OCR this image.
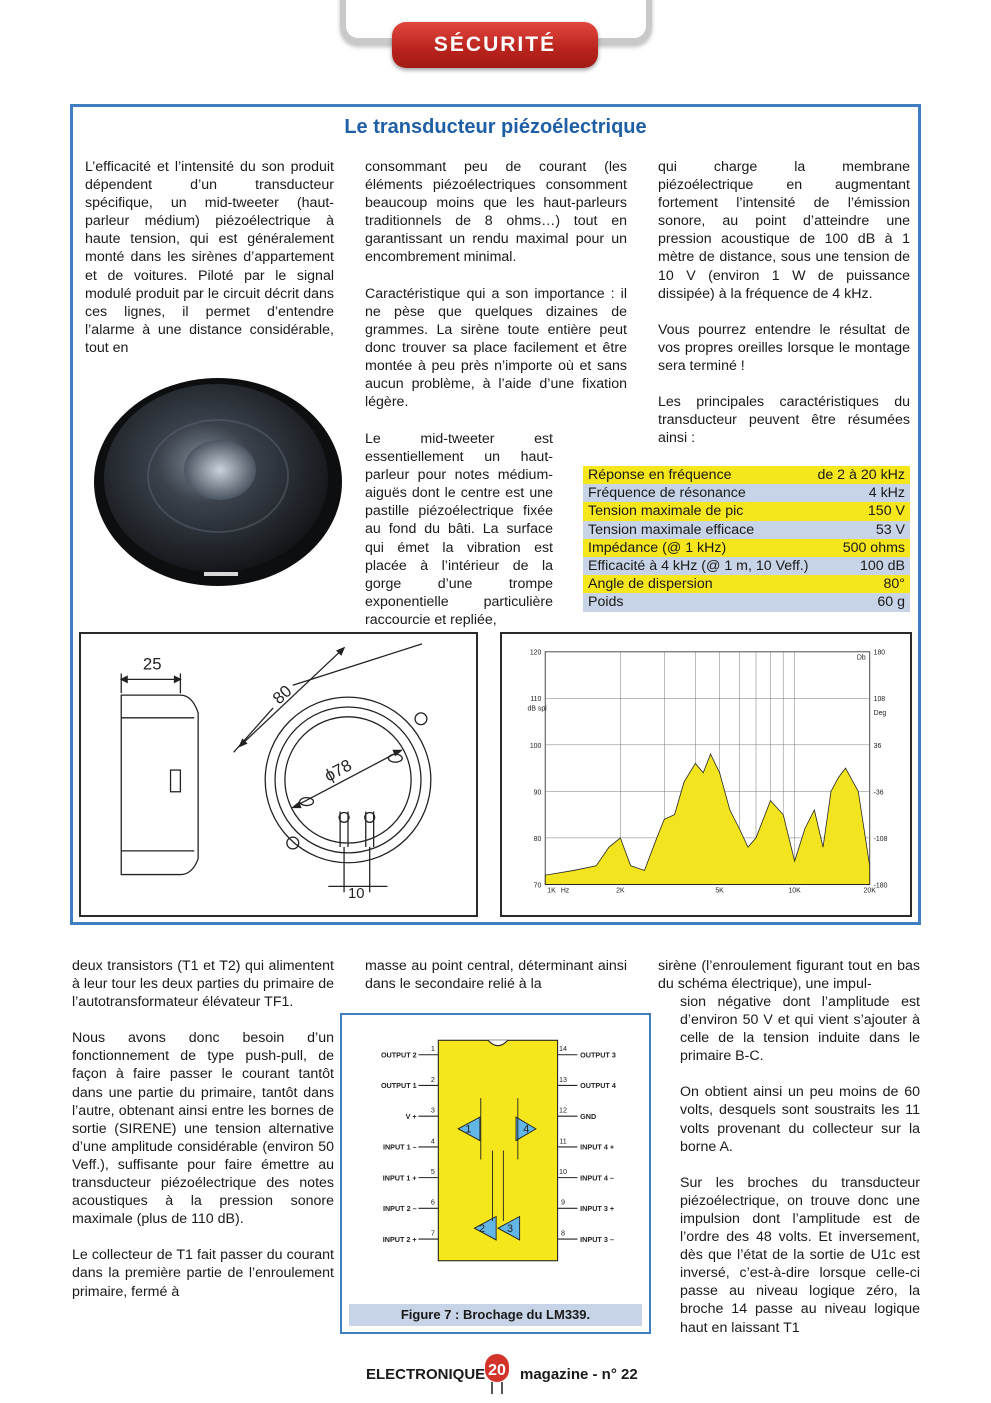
SÉCURITÉ
Le transducteur piézoélectrique

L’efficacité et l’intensité du son produit dépendent d’un transducteur spécifique, un mid-tweeter (haut-parleur médium) piézoélectrique à haute tension, qui est généralement monté dans les sirènes d’appartement et de voitures. Piloté par le signal modulé produit par le circuit décrit dans ces lignes, il permet d’entendre l’alarme à une distance considérable, tout en

consommant peu de courant (les éléments piézoélectriques consomment beaucoup moins que les haut-parleurs traditionnels de 8 ohms…) tout en garantissant un rendu maximal pour un encombrement minimal.

Caractéristique qui a son importance : il ne pèse que quelques dizaines de grammes. La sirène toute entière peut donc trouver sa place facilement et être montée à peu près n’importe où et sans aucun problème, à l’aide d’une fixation légère.

Le mid-tweeter est essentiellement un haut-parleur pour notes médium-aiguës dont le centre est une pastille piézoélectrique fixée au fond du bâti. La surface qui émet la vibration est placée à l’intérieur de la gorge d’une trompe exponentielle particulière raccourcie et repliée,

qui charge la membrane piézoélectrique en augmentant fortement l’intensité de l’émission sonore, au point d’atteindre une pression acoustique de 100 dB à 1 mètre de distance, sous une tension de 10 V (environ 1 W de puissance dissipée) à la fréquence de 4 kHz.

Vous pourrez entendre le résultat de vos propres oreilles lorsque le montage sera terminé !

Les principales caractéristiques du transducteur peuvent être résumées ainsi :

Réponse en fréquence	de 2 à 20 kHz
Fréquence de résonance	4 kHz
Tension maximale de pic	150 V
Tension maximale efficace	53 V
Impédance (@ 1 kHz)	500 ohms
Efficacité à 4 kHz (@ 1 m, 10 Veff.)	100 dB
Angle de dispersion	80°
Poids	60 g
25
80
ϕ78
10
120
110
100
90
80
70
180
108
36
-36
-108
-180
dB spl
Deg
Db
1K Hz	2K	5K	10K	20K

deux transistors (T1 et T2) qui alimentent à leur tour les deux parties du primaire de l’autotransformateur élévateur TF1.

Nous avons donc besoin d’un fonctionnement de type push-pull, de façon à faire passer le courant tantôt dans une partie du primaire, tantôt dans l’autre, obtenant ainsi entre les bornes de sortie (SIRENE) une tension alternative d’une amplitude considérable (environ 50 Veff.), suffisante pour faire émettre au transducteur piézoélectrique des notes acoustiques à la pression sonore maximale (plus de 110 dB).

Le collecteur de T1 fait passer du courant dans la première partie de l’enroulement primaire, fermé à

masse au point central, déterminant ainsi dans le secondaire relié à la

sirène (l’enroulement figurant tout en bas du schéma électrique), une impul-

sion négative dont l’amplitude est d’environ 50 V et qui vient s’ajouter à celle de la tension induite dans le primaire B-C.

On obtient ainsi un peu moins de 60 volts, desquels sont soustraits les 11 volts provenant du collecteur sur la borne A.

Sur les broches du transducteur piézoélectrique, on trouve donc une impulsion dont l’amplitude est de l’ordre des 48 volts. Et inversement, dès que l’état de la sortie de U1c est inversé, c’est-à-dire lorsque celle-ci passe au niveau logique zéro, la broche 14 passe au niveau logique haut en laissant T1

1
OUTPUT 2
2
OUTPUT 1
3
V +
4
INPUT 1 –
5
INPUT 1 +
6
INPUT 2 –
7
INPUT 2 +
14
OUTPUT 3
13
OUTPUT 4
12
GND
11
INPUT 4 +
10
INPUT 4 –
9
INPUT 3 +
8
INPUT 3 –
1
2 3
4
Figure 7 : Brochage du LM339.
ELECTRONIQUE 20 magazine - n° 22
